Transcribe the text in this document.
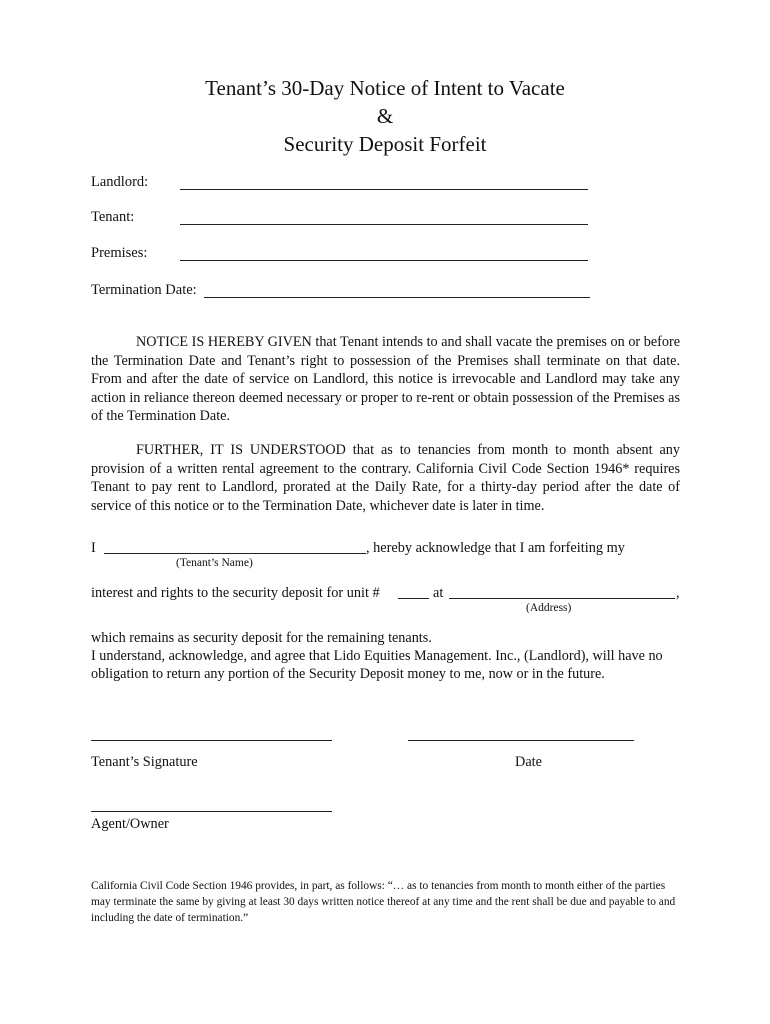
Tenant’s 30-Day Notice of Intent to Vacate
&
Security Deposit Forfeit
Landlord:
Tenant:
Premises:
Termination Date:

NOTICE IS HEREBY GIVEN that Tenant intends to and shall vacate the premises on or before the Termination Date and Tenant’s right to possession of the Premises shall terminate on that date. From and after the date of service on Landlord, this notice is irrevocable and Landlord may take any action in reliance thereon deemed necessary or proper to re-rent or obtain possession of the Premises as of the Termination Date.

FURTHER, IT IS UNDERSTOOD that as to tenancies from month to month absent any provision of a written rental agreement to the contrary. California Civil Code Section 1946* requires Tenant to pay rent to Landlord, prorated at the Daily Rate, for a thirty-day period after the date of service of this notice or to the Termination Date, whichever date is later in time.

I	, hereby acknowledge that I am forfeiting my
(Tenant’s Name)
interest and rights to the security deposit for unit #	at	,
(Address)

which remains as security deposit for the remaining tenants.

I understand, acknowledge, and agree that Lido Equities Management. Inc., (Landlord), will have no obligation to return any portion of the Security Deposit money to me, now or in the future.

Tenant’s Signature	Date
Agent/Owner

California Civil Code Section 1946 provides, in part, as follows: “… as to tenancies from month to month either of the parties may terminate the same by giving at least 30 days written notice thereof at any time and the rent shall be due and payable to and including the date of termination.”
